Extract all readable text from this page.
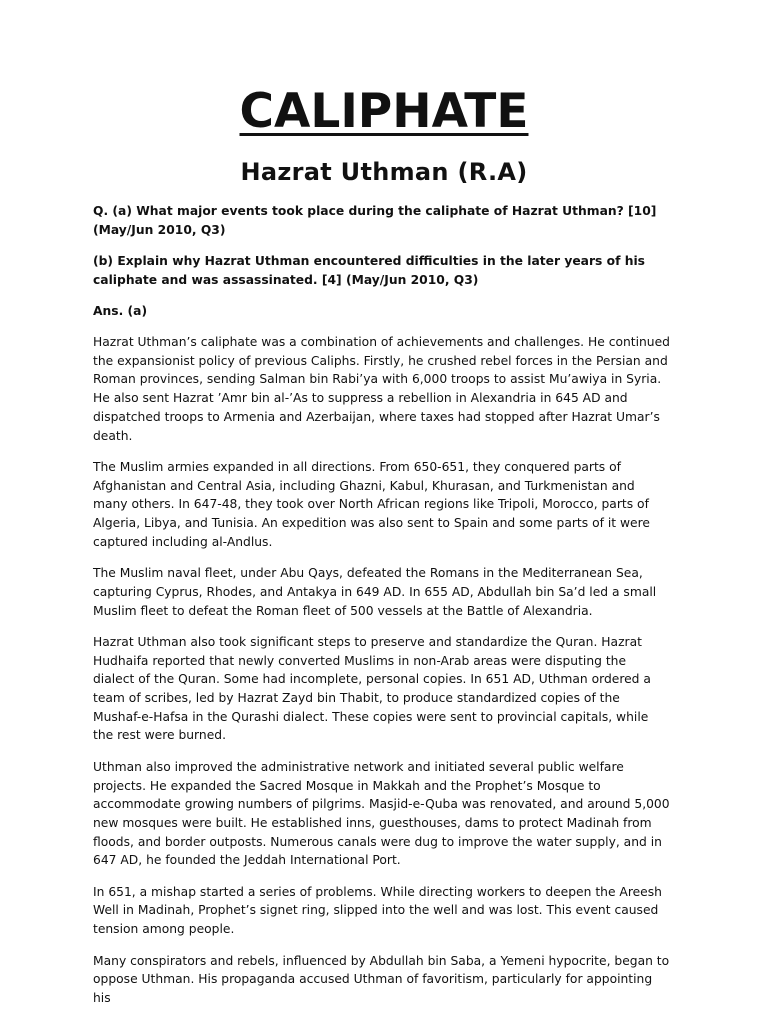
CALIPHATE
Hazrat Uthman (R.A)

Q. (a) What major events took place during the caliphate of Hazrat Uthman? [10] (May/Jun 2010, Q3)

(b) Explain why Hazrat Uthman encountered difficulties in the later years of his caliphate and was assassinated. [4] (May/Jun 2010, Q3)

Ans. (a)

Hazrat Uthman’s caliphate was a combination of achievements and challenges. He continued the expansionist policy of previous Caliphs. Firstly, he crushed rebel forces in the Persian and Roman provinces, sending Salman bin Rabi’ya with 6,000 troops to assist Mu’awiya in Syria. He also sent Hazrat ’Amr bin al-’As to suppress a rebellion in Alexandria in 645 AD and dispatched troops to Armenia and Azerbaijan, where taxes had stopped after Hazrat Umar’s death.

The Muslim armies expanded in all directions. From 650-651, they conquered parts of Afghanistan and Central Asia, including Ghazni, Kabul, Khurasan, and Turkmenistan and many others. In 647-48, they took over North African regions like Tripoli, Morocco, parts of Algeria, Libya, and Tunisia. An expedition was also sent to Spain and some parts of it were captured including al-Andlus.

The Muslim naval fleet, under Abu Qays, defeated the Romans in the Mediterranean Sea, capturing Cyprus, Rhodes, and Antakya in 649 AD. In 655 AD, Abdullah bin Sa’d led a small Muslim fleet to defeat the Roman fleet of 500 vessels at the Battle of Alexandria.

Hazrat Uthman also took significant steps to preserve and standardize the Quran. Hazrat Hudhaifa reported that newly converted Muslims in non-Arab areas were disputing the dialect of the Quran. Some had incomplete, personal copies. In 651 AD, Uthman ordered a team of scribes, led by Hazrat Zayd bin Thabit, to produce standardized copies of the Mushaf-e-Hafsa in the Qurashi dialect. These copies were sent to provincial capitals, while the rest were burned.

Uthman also improved the administrative network and initiated several public welfare projects. He expanded the Sacred Mosque in Makkah and the Prophet’s Mosque to accommodate growing numbers of pilgrims. Masjid-e-Quba was renovated, and around 5,000 new mosques were built. He established inns, guesthouses, dams to protect Madinah from floods, and border outposts. Numerous canals were dug to improve the water supply, and in 647 AD, he founded the Jeddah International Port.

In 651, a mishap started a series of problems. While directing workers to deepen the Areesh Well in Madinah, Prophet’s signet ring, slipped into the well and was lost. This event caused tension among people.

Many conspirators and rebels, influenced by Abdullah bin Saba, a Yemeni hypocrite, began to oppose Uthman. His propaganda accused Uthman of favoritism, particularly for appointing his
